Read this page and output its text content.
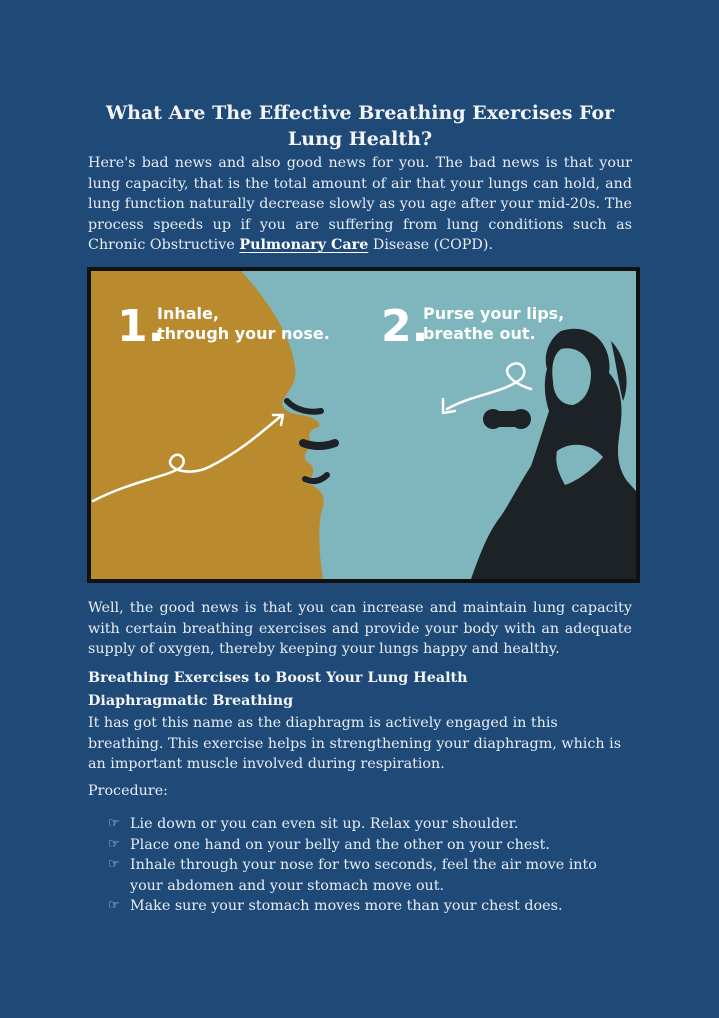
What Are The Effective Breathing Exercises For Lung Health?
Here's bad news and also good news for you. The bad news is that your lung capacity, that is the total amount of air that your lungs can hold, and lung function naturally decrease slowly as you age after your mid-20s. The process speeds up if you are suffering from lung conditions such as Chronic Obstructive Pulmonary Care Disease (COPD).
1.
Inhale,
through your nose. 2.
Purse your lips,
breathe out.
Well, the good news is that you can increase and maintain lung capacity with certain breathing exercises and provide your body with an adequate supply of oxygen, thereby keeping your lungs happy and healthy.
Breathing Exercises to Boost Your Lung Health
Diaphragmatic Breathing
It has got this name as the diaphragm is actively engaged in this breathing. This exercise helps in strengthening your diaphragm, which is an important muscle involved during respiration.
Procedure:
☞ Lie down or you can even sit up. Relax your shoulder.
☞ Place one hand on your belly and the other on your chest.
☞ Inhale through your nose for two seconds, feel the air move into your abdomen and your stomach move out.
☞ Make sure your stomach moves more than your chest does.
